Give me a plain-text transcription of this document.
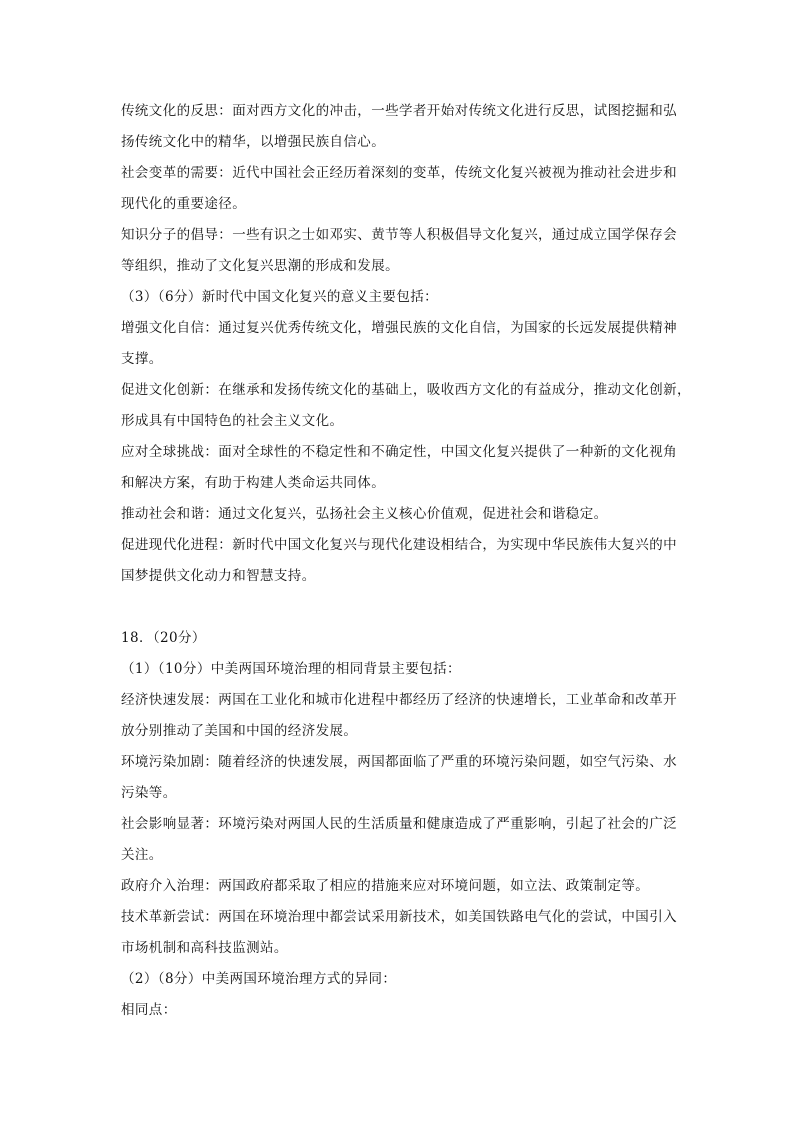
传统文化的反思：面对西方文化的冲击，一些学者开始对传统文化进行反思，试图挖掘和弘
扬传统文化中的精华，以增强民族自信心。
社会变革的需要：近代中国社会正经历着深刻的变革，传统文化复兴被视为推动社会进步和
现代化的重要途径。
知识分子的倡导：一些有识之士如邓实、黄节等人积极倡导文化复兴，通过成立国学保存会
等组织，推动了文化复兴思潮的形成和发展。
（3）（6分）新时代中国文化复兴的意义主要包括：
增强文化自信：通过复兴优秀传统文化，增强民族的文化自信，为国家的长远发展提供精神
支撑。
促进文化创新：在继承和发扬传统文化的基础上，吸收西方文化的有益成分，推动文化创新，
形成具有中国特色的社会主义文化。
应对全球挑战：面对全球性的不稳定性和不确定性，中国文化复兴提供了一种新的文化视角
和解决方案，有助于构建人类命运共同体。
推动社会和谐：通过文化复兴，弘扬社会主义核心价值观，促进社会和谐稳定。
促进现代化进程：新时代中国文化复兴与现代化建设相结合，为实现中华民族伟大复兴的中
国梦提供文化动力和智慧支持。
18．（20分）
（1）（10分）中美两国环境治理的相同背景主要包括：
经济快速发展：两国在工业化和城市化进程中都经历了经济的快速增长，工业革命和改革开
放分别推动了美国和中国的经济发展。
环境污染加剧：随着经济的快速发展，两国都面临了严重的环境污染问题，如空气污染、水
污染等。
社会影响显著：环境污染对两国人民的生活质量和健康造成了严重影响，引起了社会的广泛
关注。
政府介入治理：两国政府都采取了相应的措施来应对环境问题，如立法、政策制定等。
技术革新尝试：两国在环境治理中都尝试采用新技术，如美国铁路电气化的尝试，中国引入
市场机制和高科技监测站。
（2）（8分）中美两国环境治理方式的异同：
相同点：
